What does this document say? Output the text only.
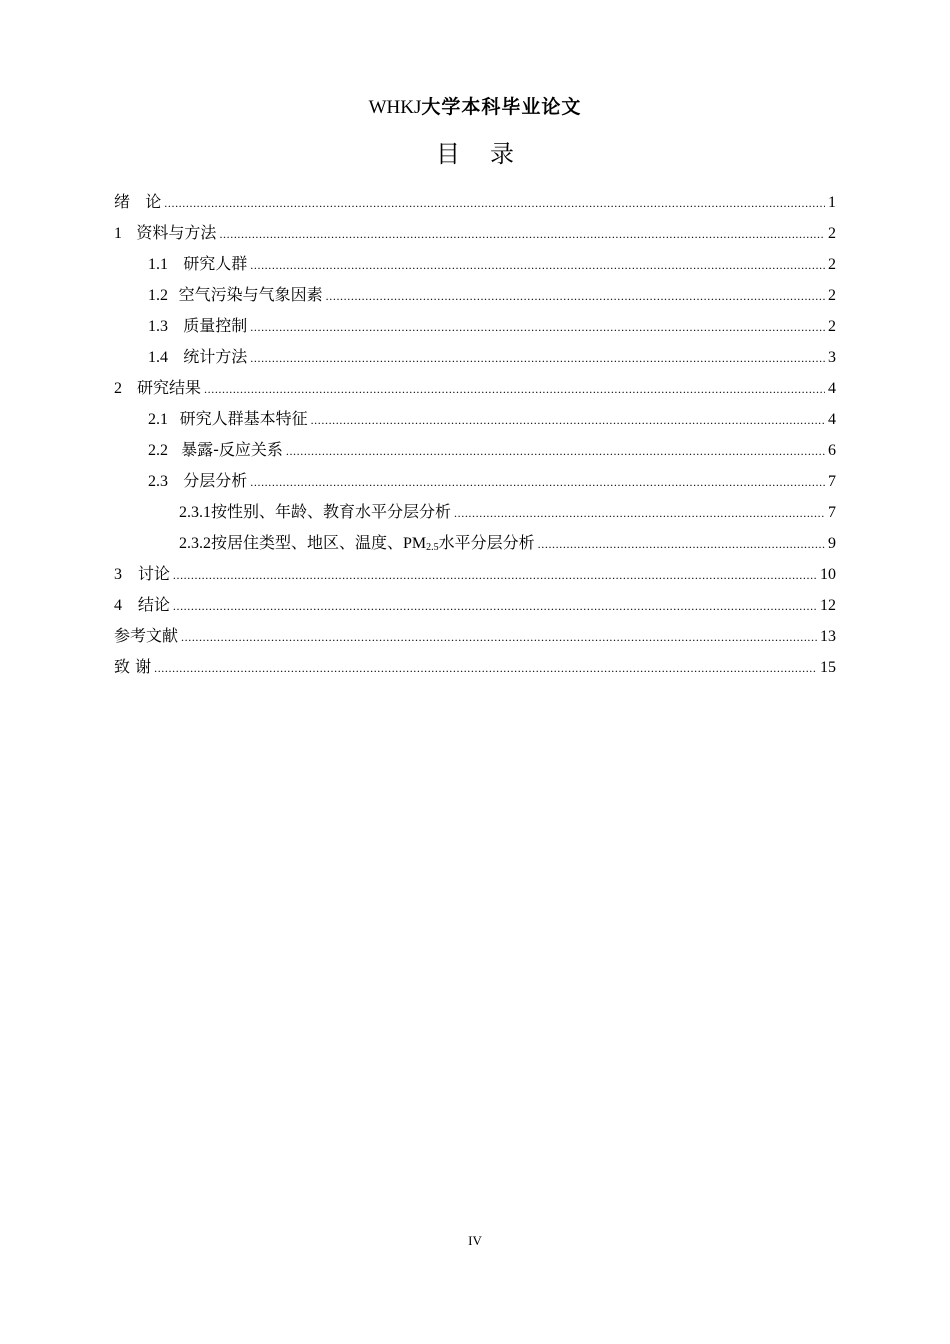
WHKJ大学本科毕业论文
目录
绪   论 .....	1
1 资料与方法 .....	2
1.1 研究人群 .....	2
1.2 空气污染与气象因素 .....	2
1.3 质量控制 .....	2
1.4 统计方法 .....	3
2 研究结果 .....	4
2.1 研究人群基本特征 .....	4
2.2 暴露-反应关系 .....	6
2.3 分层分析 .....	7
2.3.1 按性别、年龄、教育水平分层分析 .....	7
2.3.2 按居住类型、地区、温度、$PM_{2.5}$水平分层分析 .....	9
3 讨论 .....	10
4 结论 .....	12
参考文献 .....	13
致 谢 .....	15
IV
